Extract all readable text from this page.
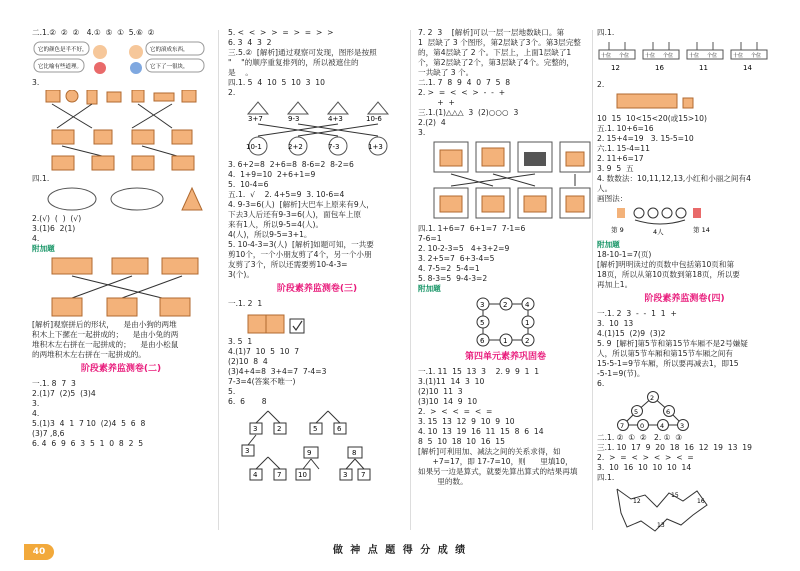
二.1.②  ②  ②   4.①  ⑤  ①  5.⑥  ②
它的颜色是半不好，
它比喻有些道理。
它的滚成东西，
它下了一很块，
3.
四.1.
2.(√)  (  )  (√)
3.(1)6  2(1)
4.
附加题
[解析]观察拼后的形状，    是由小狗的两堆
积木上下摞在一起拼成的；    是由小兔的两
堆积木左右拼在一起拼成的；    是由小松鼠
的两堆积木左右拼在一起拼成的。
阶段素养监测卷(二)
一.1. 8  7  3
2.(1)7  (2)5  (3)4
3.
4.
5.(1)3  4  1  7 10  (2)4  5  6  8
(3)7 ,8,6
6. 4  6  9  6  3  5  1  0  8  2  5
5. <  <  >  >  =  >  =  >  >
6. 3  4  3  2
三.5.②  [解析]通过观察可发现，图形是按照
"    "的顺序重复排列的，所以被遮住的
是    。
四.1. 5  4  10  5  10  3  10
2.
3+7	9-3	4+3	10-6
10-1	2+2	7-3	1+3
3. 6+2=8  2+6=8  8-6=2  8-2=6
4.  1+9=10  2+6+1=9
5.  10-4=6
五.1.  √    2. 4+5=9  3. 10-6=4
4. 9-3=6(人)  [解析]大巴车上原来有9人，
下去3人后还有9-3=6(人)，面包车上原
来有1人，所以9-5=4(人)。
4(人)，所以9-5=3+1。
5. 10-4-3=3(人)  [解析]如题可知，一共要
剪10个，一个小朋友剪了4个，另一个小朋
友剪了3个，所以还需要剪10-4-3=
3(个)。
阶段素养监测卷(三)
一.1. 2  1
3. 5  1
4.(1)7  10  5  10  7
(2)10  8  4
(3)4+4=8  3+4=7  7-4=3
7-3=4(答案不唯一)
5.
6.  6       8
3	2	5	6
3
4	7
9
10
8
3 7
7. 2  3    [解析]可以一层一层地数缺口。第
1  层缺了 3 个图形，第2层缺了3个。第3层完整
的，第4层缺了 2 个。下层上，上面1层缺了1
个，第2层缺了2个，第3层缺了4个。完整的，
一共缺了 3 个。
二.1. 7  8  9  4  0  7  5  8
2. >  =  <  <  >  -  -  +
+  +
三.1.(1)△△△  3  (2)○○○  3
2.(2)  4
3.
四.1. 1+6=7  6+1=7  7-1=6
7-6=1
2. 10-2-3=5   4+3+2=9
3. 2+5=7  6+3-4=5
4. 7-5=2  5-4=1
5. 8-3=5  9-4-3=2
附加题
3	2	4
5	1
6	1	2
第四单元素养巩固卷
一.1. 11  15  13  3    2. 9  9  1  1
3.(1)11  14  3  10
(2)10  11  3
(3)10  14  9  10
2.  >  <  <  =  <  =
3. 15  13  12  9  10  9  10
4. 10  13  19  16  11  15  8  6  14
8  5  10  18  10  16  15
[解析]可利用加、减法之间的关系求得，如
+7=17，即 17-7=10，则      里填10，
如果另一边是算式，就要先算出算式的结果再填
里的数。
四.1.
十位 个位
12
十位 个位
16
十位 个位
11
十位 个位
14
2.
10  15  10<15<20(或15>10)
五.1. 10+6=16
2. 15+4=19   3. 15-5=10
六.1. 15-4=11
2. 11+6=17
3. 9  5  五
4. 数数法：10,11,12,13,小红和小丽之间有4
人。
画图法：
第 9	4人	第 14
附加题
18-10-1=7(页)
[解析]明明读过的页数中包括第10页和第
18页，所以从第10页数到第18页，所以要
再加上1。
阶段素养监测卷(四)
一.1. 2  3  -  -  1  1  +
3.  10  13
4.(1)15  (2)9  (3)2
5. 9  [解析]第5节和第15节车厢不是2号嫌疑
人，所以第5节车厢和第15节车厢之间有
15-5-1=9节车厢，所以要再减去1，即15
-5-1=9(节)。
6.
2
5	6
7 0 4 3
二.1. ②  ①  ②   2. ①  ③
三.1. 10  17  9  20  18  16  12  19  13  19
2.  >  =  <  >  <  >  <  =
3.  10  16  10  10  10  14
四.1.
12
15
16
13
40	做 神 点 题 得 分 成 绩
